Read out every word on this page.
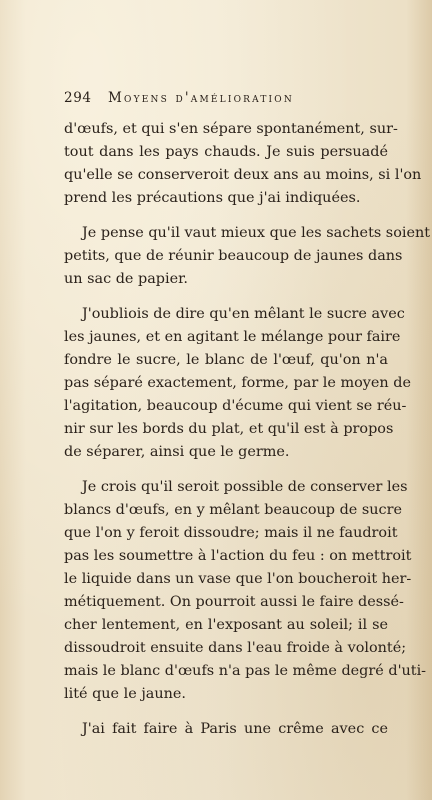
294 Moyens d'amélioration
d'œufs, et qui s'en sépare spontanément, sur-
tout dans les pays chauds. Je suis persuadé
qu'elle se conserveroit deux ans au moins, si l'on
prend les précautions que j'ai indiquées.
Je pense qu'il vaut mieux que les sachets soient
petits, que de réunir beaucoup de jaunes dans
un sac de papier.
J'oubliois de dire qu'en mêlant le sucre avec
les jaunes, et en agitant le mélange pour faire
fondre le sucre, le blanc de l'œuf, qu'on n'a
pas séparé exactement, forme, par le moyen de
l'agitation, beaucoup d'écume qui vient se réu-
nir sur les bords du plat, et qu'il est à propos
de séparer, ainsi que le germe.
Je crois qu'il seroit possible de conserver les
blancs d'œufs, en y mêlant beaucoup de sucre
que l'on y feroit dissoudre; mais il ne faudroit
pas les soumettre à l'action du feu : on mettroit
le liquide dans un vase que l'on boucheroit her-
métiquement. On pourroit aussi le faire dessé-
cher lentement, en l'exposant au soleil; il se
dissoudroit ensuite dans l'eau froide à volonté;
mais le blanc d'œufs n'a pas le même degré d'uti-
lité que le jaune.
J'ai fait faire à Paris une crême avec ce
